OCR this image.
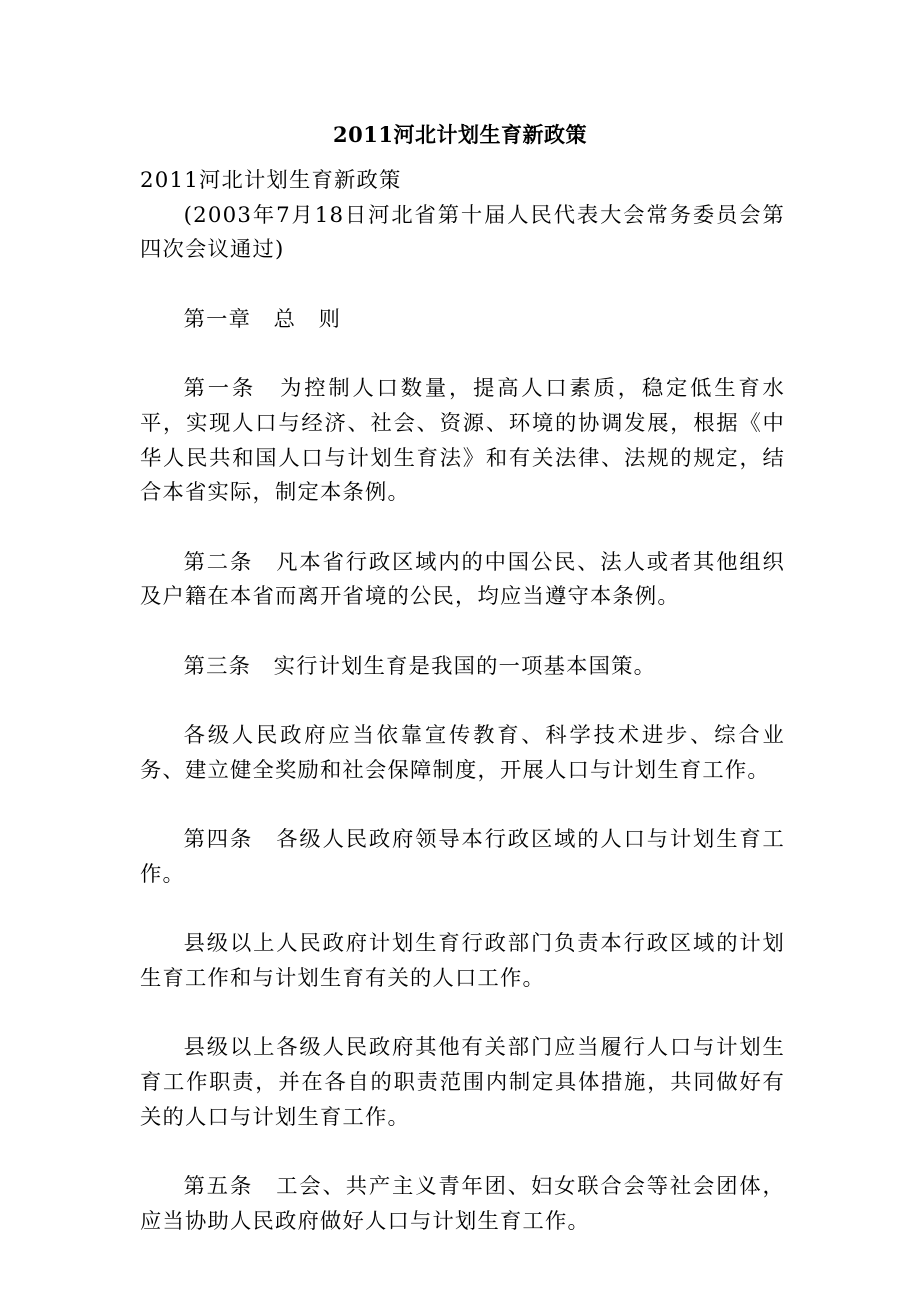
2011河北计划生育新政策

2011河北计划生育新政策

(2003年7月18日河北省第十届人民代表大会常务委员会第四次会议通过)

第一章　总　则

第一条　为控制人口数量，提高人口素质，稳定低生育水平，实现人口与经济、社会、资源、环境的协调发展，根据《中华人民共和国人口与计划生育法》和有关法律、法规的规定，结合本省实际，制定本条例。

第二条　凡本省行政区域内的中国公民、法人或者其他组织及户籍在本省而离开省境的公民，均应当遵守本条例。

第三条　实行计划生育是我国的一项基本国策。

各级人民政府应当依靠宣传教育、科学技术进步、综合业务、建立健全奖励和社会保障制度，开展人口与计划生育工作。

第四条　各级人民政府领导本行政区域的人口与计划生育工作。

县级以上人民政府计划生育行政部门负责本行政区域的计划生育工作和与计划生育有关的人口工作。

县级以上各级人民政府其他有关部门应当履行人口与计划生育工作职责，并在各自的职责范围内制定具体措施，共同做好有关的人口与计划生育工作。

第五条　工会、共产主义青年团、妇女联合会等社会团体，应当协助人民政府做好人口与计划生育工作。
